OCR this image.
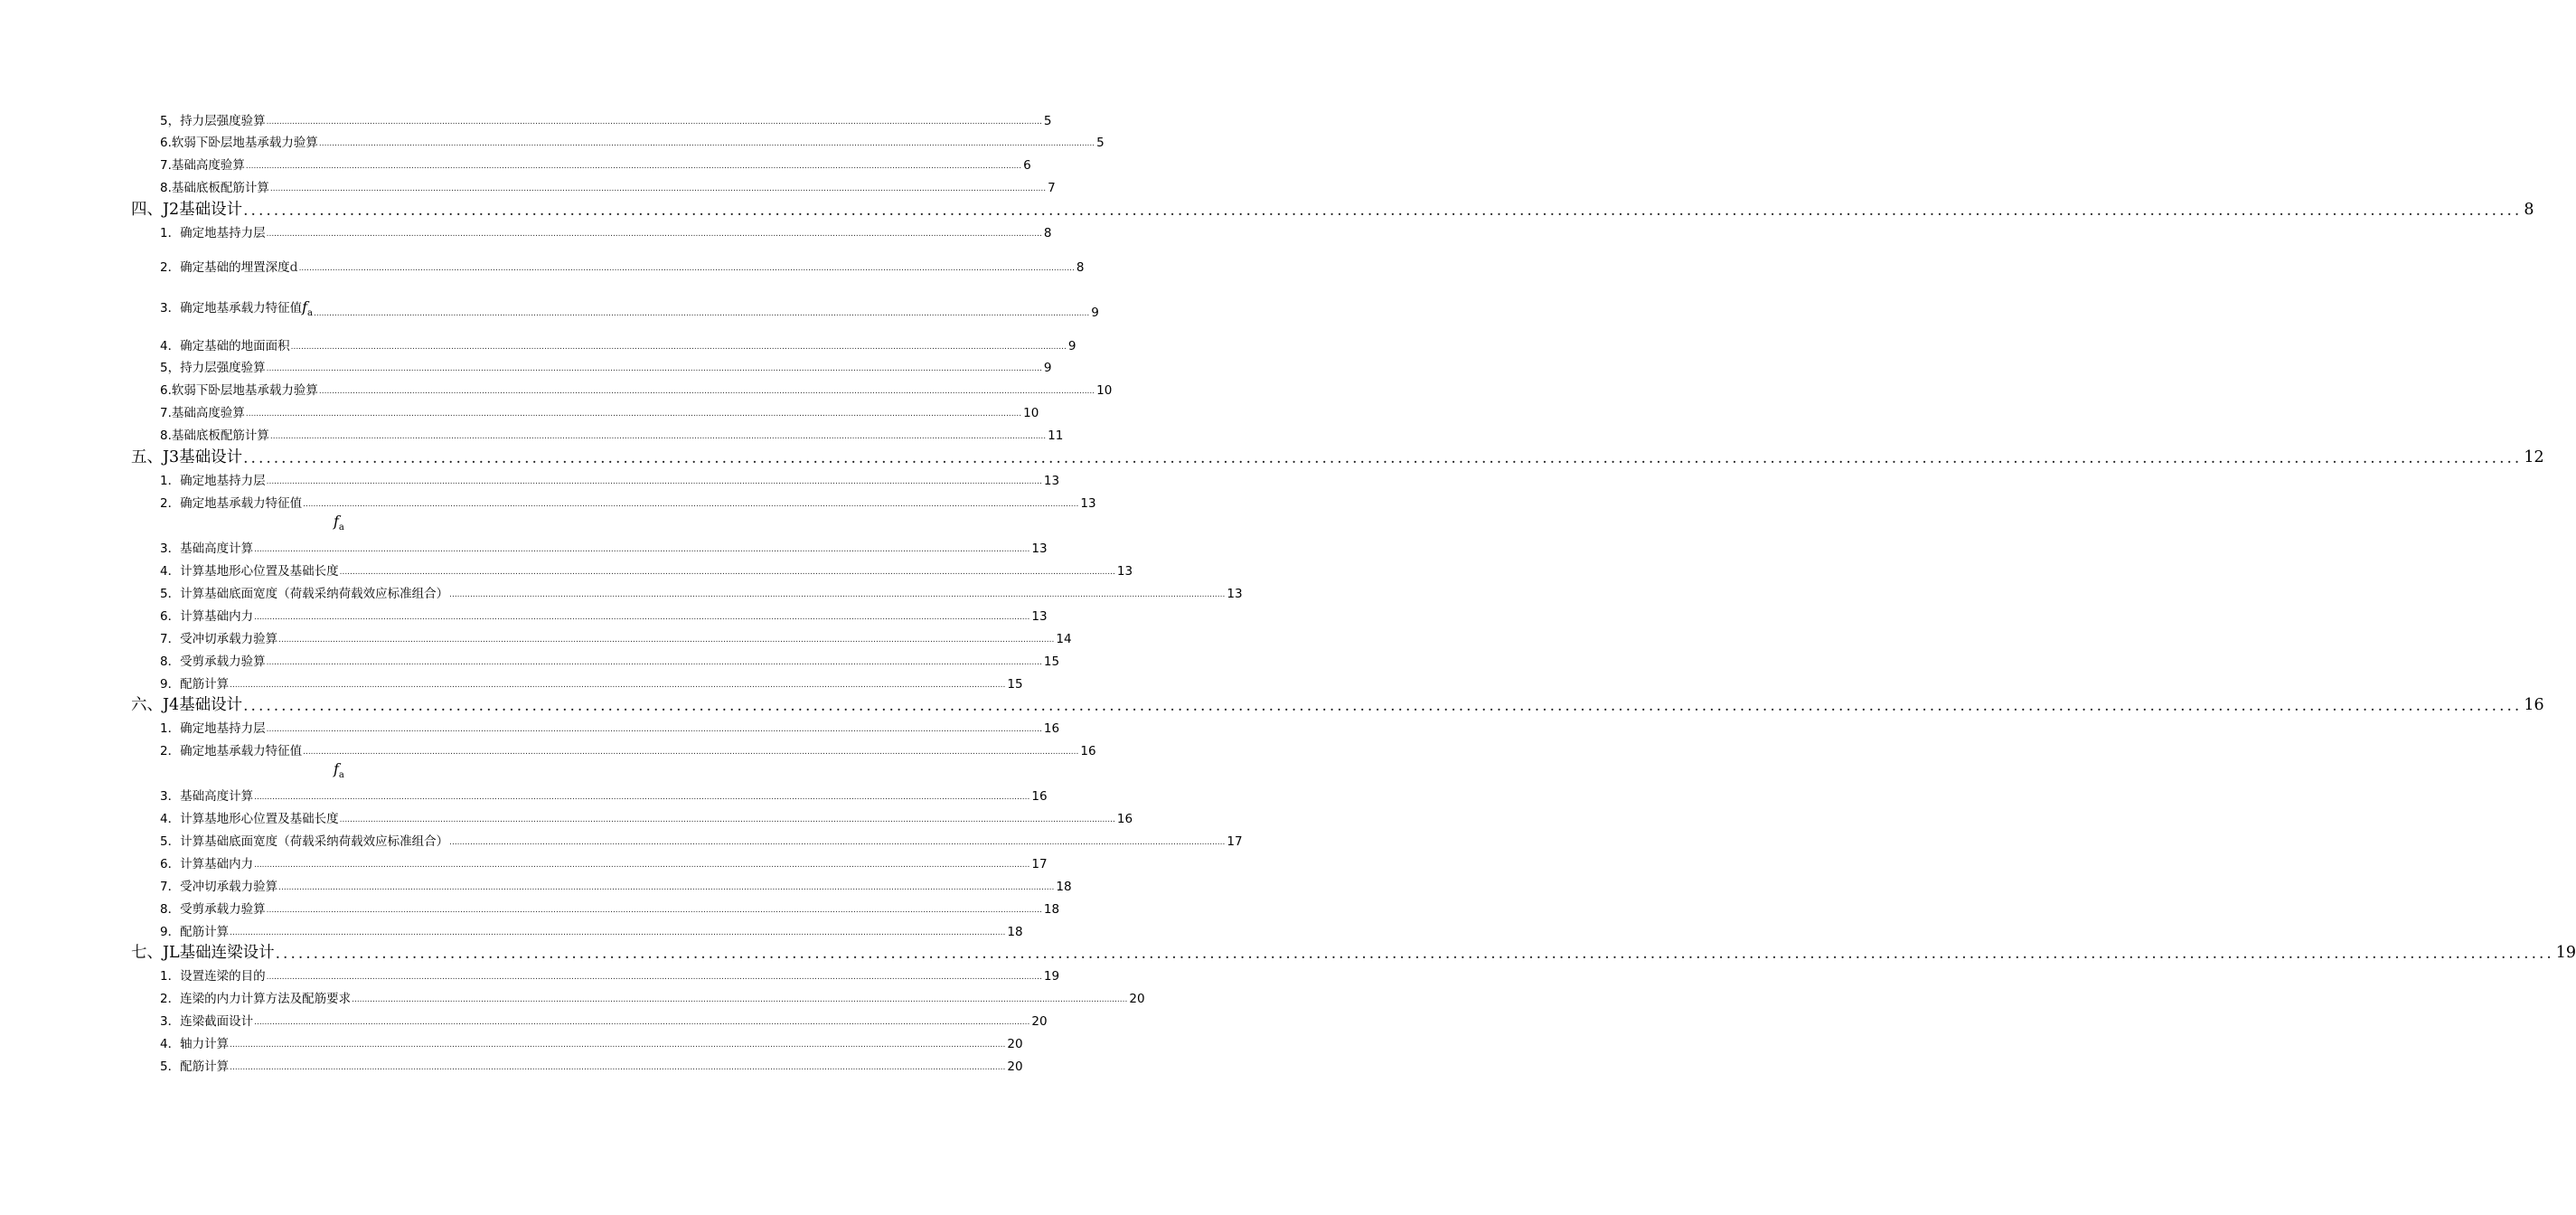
5，持力层强度验算 ............................................................................................................................................................................................................................................................................................................ 5
6.软弱下卧层地基承载力验算 ............................................................................................................................................................................................................................................................................................................ 5
7.基础高度验算 ............................................................................................................................................................................................................................................................................................................ 6
8.基础底板配筋计算 ............................................................................................................................................................................................................................................................................................................ 7
四、J2基础设计 ............................................................................................................................................................................................................................................................................................................ 8
1．确定地基持力层 ............................................................................................................................................................................................................................................................................................................ 8
2．确定基础的埋置深度d ............................................................................................................................................................................................................................................................................................................ 8
3．确定地基承载力特征值$f_a$ ............................................................................................................................................................................................................................................................................................................ 9
4．确定基础的地面面积 ............................................................................................................................................................................................................................................................................................................ 9
5，持力层强度验算 ............................................................................................................................................................................................................................................................................................................ 9
6.软弱下卧层地基承载力验算 ............................................................................................................................................................................................................................................................................................................ 10
7.基础高度验算 ............................................................................................................................................................................................................................................................................................................ 10
8.基础底板配筋计算 ............................................................................................................................................................................................................................................................................................................ 11
五、J3基础设计 ............................................................................................................................................................................................................................................................................................................ 12
1．确定地基持力层 ............................................................................................................................................................................................................................................................................................................ 13
2．确定地基承载力特征值 ............................................................................................................................................................................................................................................................................................................ 13
$f_a$
3．基础高度计算 ............................................................................................................................................................................................................................................................................................................ 13
4．计算基地形心位置及基础长度 ............................................................................................................................................................................................................................................................................................................ 13
5．计算基础底面宽度（荷载采纳荷载效应标准组合） ............................................................................................................................................................................................................................................................................................................ 13
6．计算基础内力 ............................................................................................................................................................................................................................................................................................................ 13
7．受冲切承载力验算 ............................................................................................................................................................................................................................................................................................................ 14
8．受剪承载力验算 ............................................................................................................................................................................................................................................................................................................ 15
9．配筋计算 ............................................................................................................................................................................................................................................................................................................ 15
六、J4基础设计 ............................................................................................................................................................................................................................................................................................................ 16
1．确定地基持力层 ............................................................................................................................................................................................................................................................................................................ 16
2．确定地基承载力特征值 ............................................................................................................................................................................................................................................................................................................ 16
$f_a$
3．基础高度计算 ............................................................................................................................................................................................................................................................................................................ 16
4．计算基地形心位置及基础长度 ............................................................................................................................................................................................................................................................................................................ 16
5．计算基础底面宽度（荷载采纳荷载效应标准组合） ............................................................................................................................................................................................................................................................................................................ 17
6．计算基础内力 ............................................................................................................................................................................................................................................................................................................ 17
7．受冲切承载力验算 ............................................................................................................................................................................................................................................................................................................ 18
8．受剪承载力验算 ............................................................................................................................................................................................................................................................................................................ 18
9．配筋计算 ............................................................................................................................................................................................................................................................................................................ 18
七、JL基础连梁设计 ............................................................................................................................................................................................................................................................................................................ 19
1．设置连梁的目的 ............................................................................................................................................................................................................................................................................................................ 19
2．连梁的内力计算方法及配筋要求 ............................................................................................................................................................................................................................................................................................................ 20
3．连梁截面设计 ............................................................................................................................................................................................................................................................................................................ 20
4．轴力计算 ............................................................................................................................................................................................................................................................................................................ 20
5．配筋计算 ............................................................................................................................................................................................................................................................................................................ 20
